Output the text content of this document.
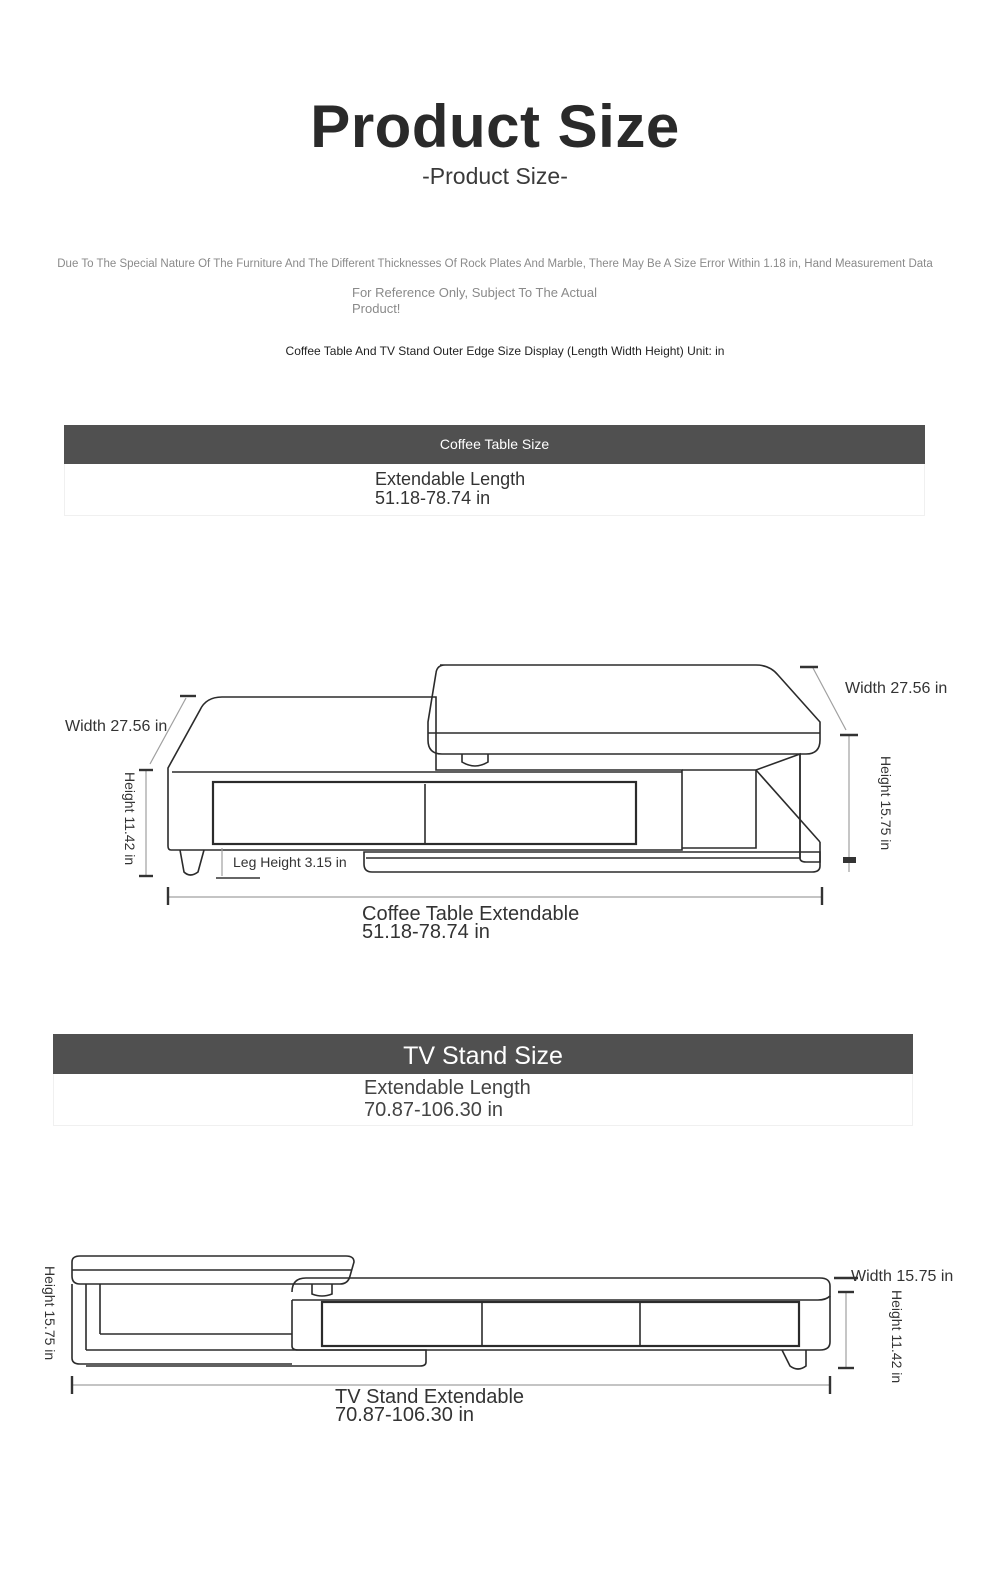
Product Size
-Product Size-
Due To The Special Nature Of The Furniture And The Different Thicknesses Of Rock Plates And Marble, There May Be A Size Error Within 1.18 in, Hand Measurement Data
For Reference Only, Subject To The Actual Product!
Coffee Table And TV Stand Outer Edge Size Display (Length Width Height) Unit: in
Coffee Table Size
Extendable Length
51.18-78.74 in
Width 27.56 in
Width 27.56 in
Height 11.42 in	Height 15.75 in
Leg Height 3.15 in
Coffee Table Extendable
51.18-78.74 in
TV Stand Size
Extendable Length
70.87-106.30 in
Height 15.75 in	Width 15.75 in
Height 11.42 in
TV Stand Extendable
70.87-106.30 in
